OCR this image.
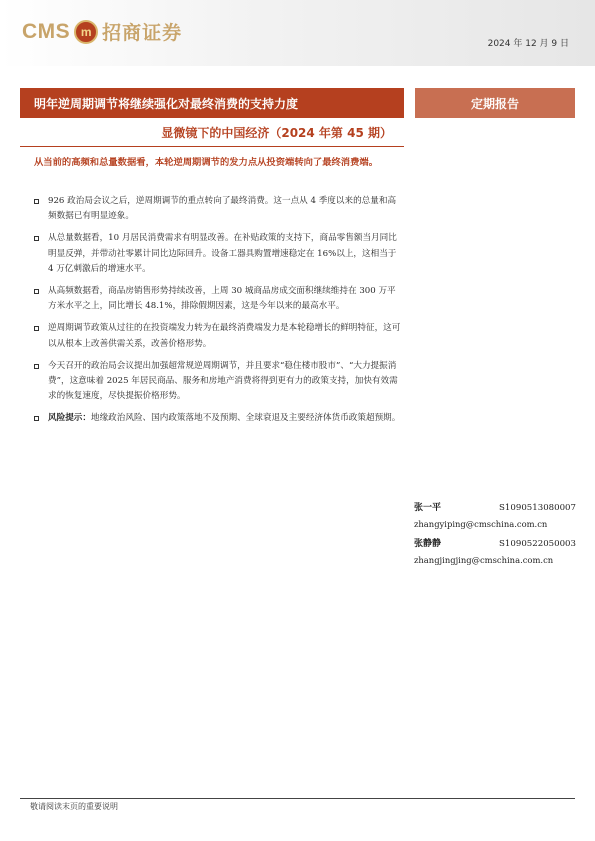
CMS m 招商证券	2024 年 12 月 9 日
明年逆周期调节将继续强化对最终消费的支持力度	定期报告
显微镜下的中国经济（2024 年第 45 期）
从当前的高频和总量数据看，本轮逆周期调节的发力点从投资端转向了最终消费端。
926 政治局会议之后，逆周期调节的重点转向了最终消费。这一点从 4 季度以来的总量和高频数据已有明显迹象。
从总量数据看，10 月居民消费需求有明显改善。在补贴政策的支持下，商品零售额当月同比明显反弹，并带动社零累计同比边际回升。设备工器具购置增速稳定在 16%以上，这相当于 4 万亿刺激后的增速水平。
从高频数据看，商品房销售形势持续改善，上周 30 城商品房成交面积继续维持在 300 万平方米水平之上，同比增长 48.1%，排除假期因素，这是今年以来的最高水平。
逆周期调节政策从过往的在投资端发力转为在最终消费端发力是本轮稳增长的鲜明特征，这可以从根本上改善供需关系，改善价格形势。
今天召开的政治局会议提出加强超常规逆周期调节，并且要求“稳住楼市股市”、“大力提振消费”，这意味着 2025 年居民商品、服务和房地产消费将得到更有力的政策支持，加快有效需求的恢复速度，尽快提振价格形势。
风险提示：地缘政治风险、国内政策落地不及预期、全球衰退及主要经济体货币政策超预期。
张一平	S1090513080007
zhangyiping@cmschina.com.cn
张静静	S1090522050003
zhangjingjing@cmschina.com.cn
敬请阅读末页的重要说明
